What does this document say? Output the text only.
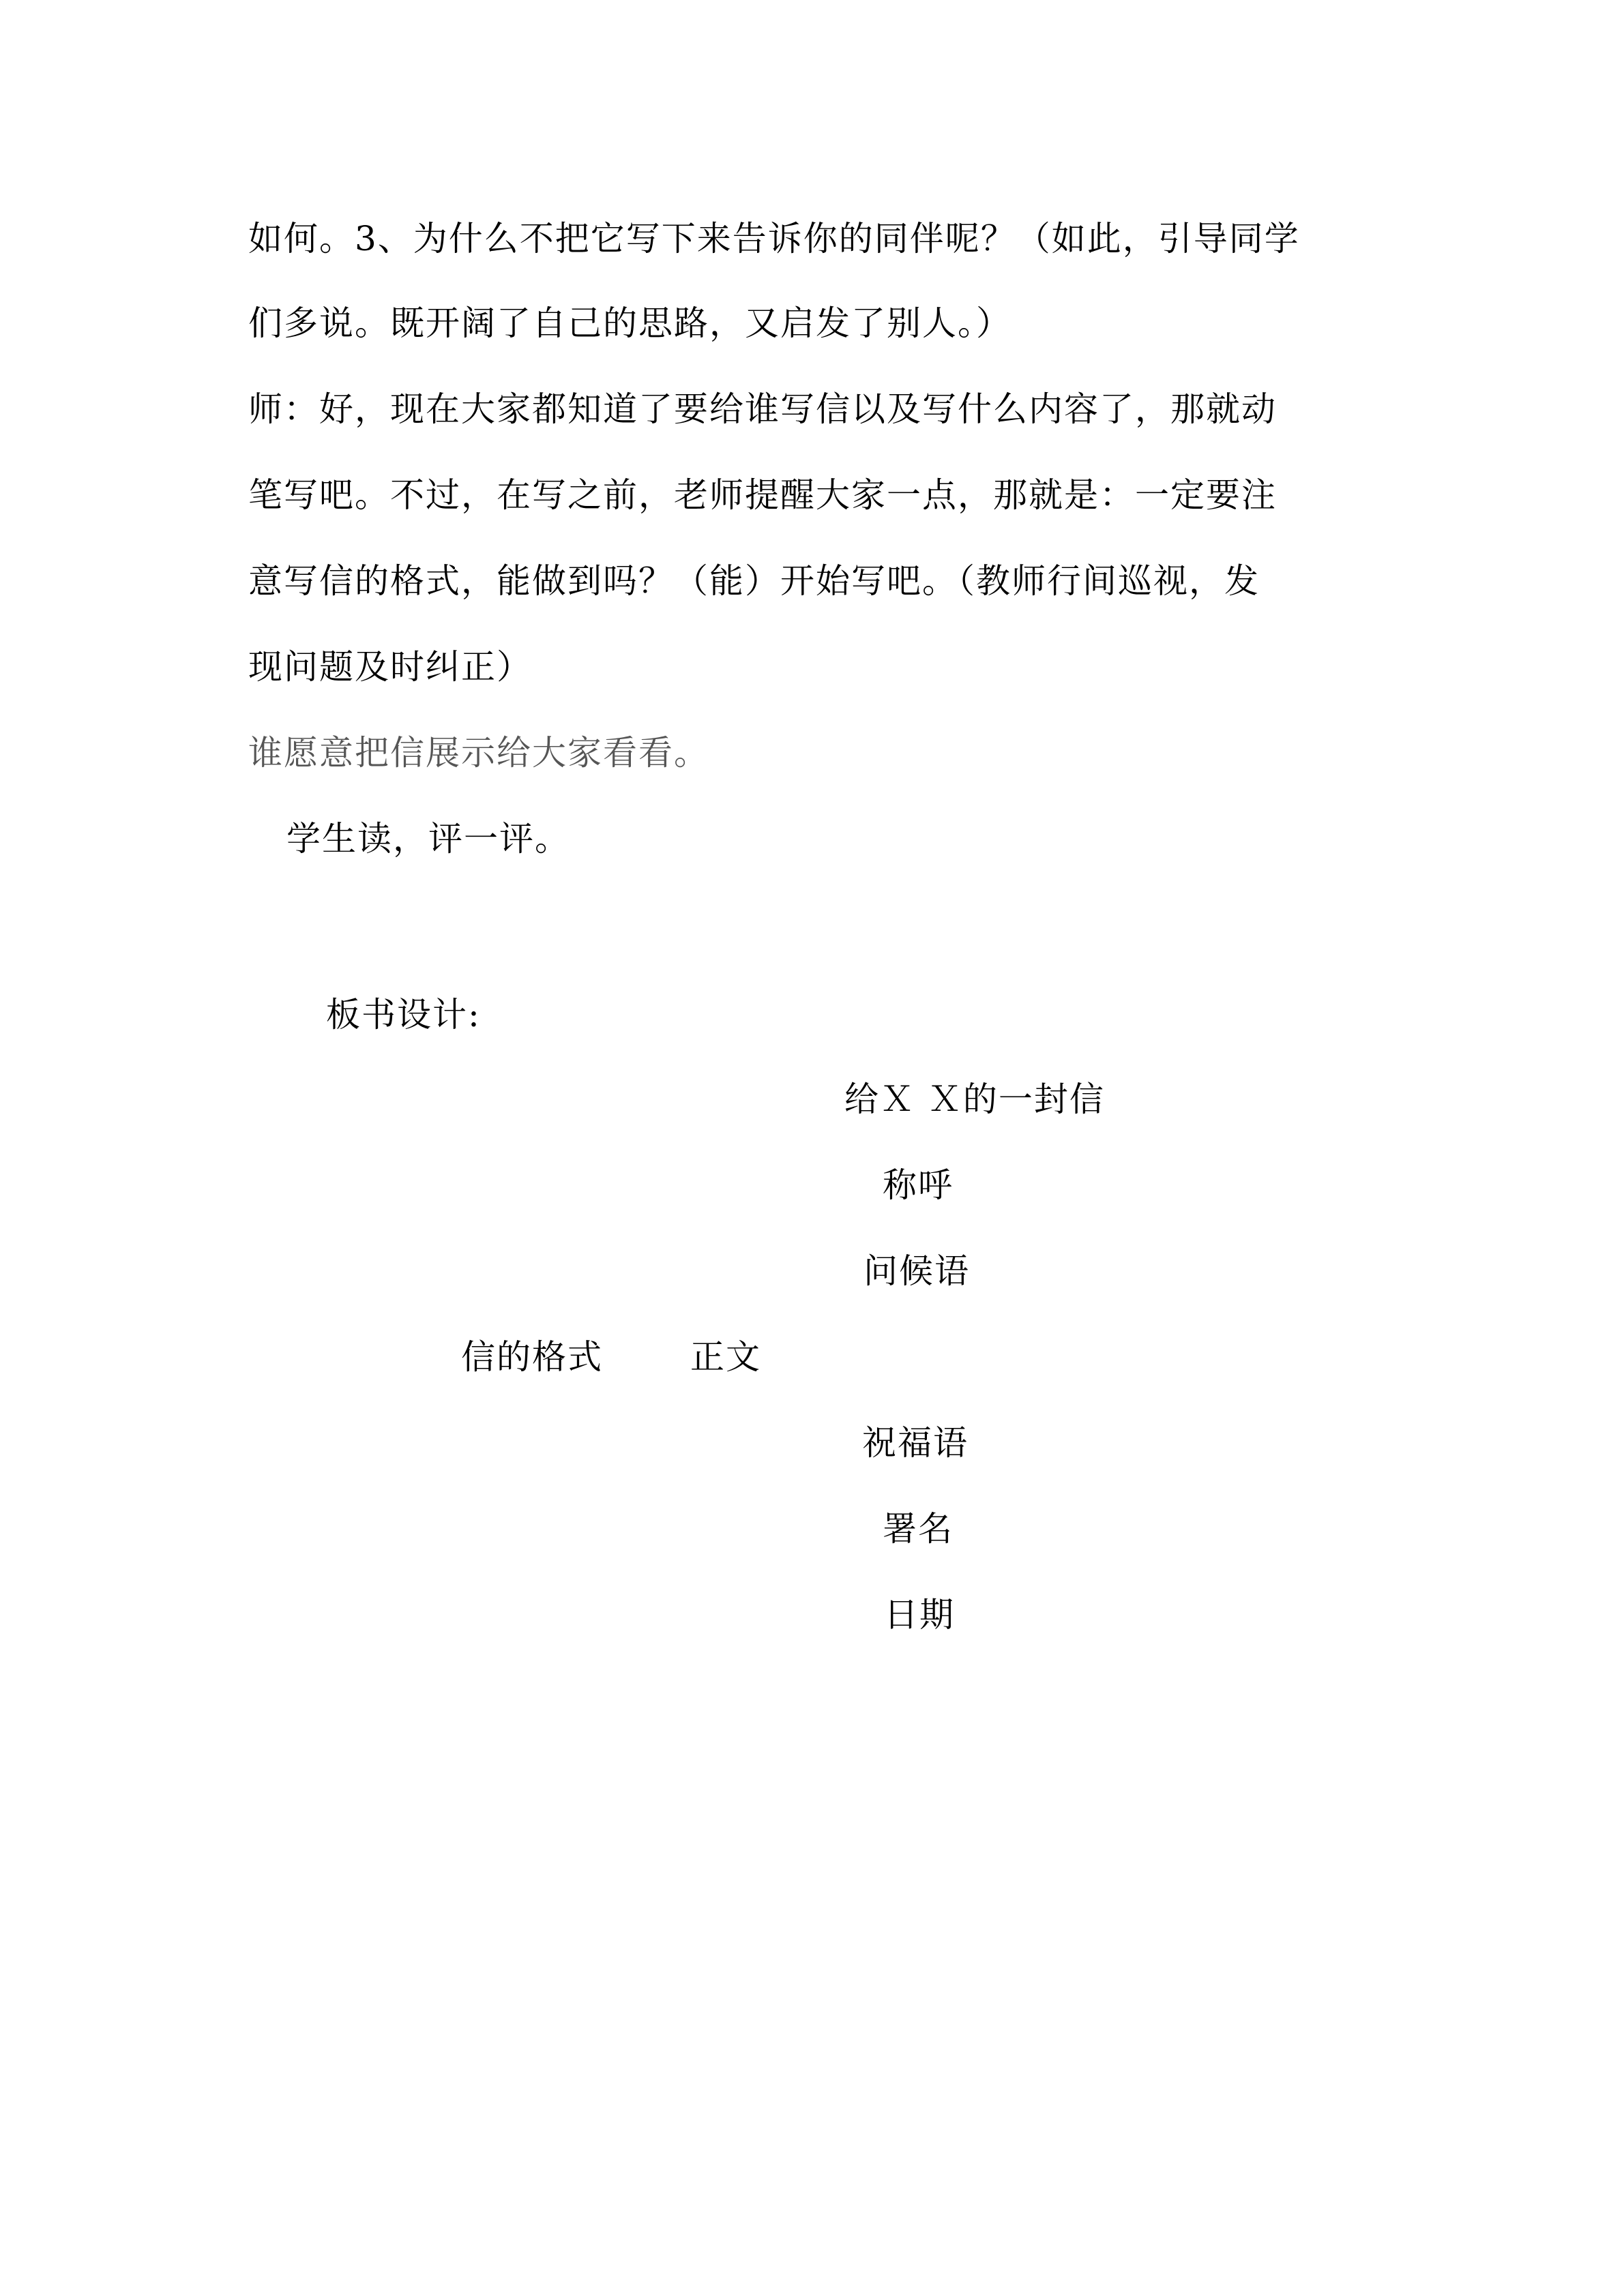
如何。3、为什么不把它写下来告诉你的同伴呢？（如此，引导同学
们多说。既开阔了自己的思路，又启发了别人。）
师：好，现在大家都知道了要给谁写信以及写什么内容了，那就动
笔写吧。不过，在写之前，老师提醒大家一点，那就是：一定要注
意写信的格式，能做到吗？（能）开始写吧。（教师行间巡视，发
现问题及时纠正）
谁愿意把信展示给大家看看。
学生读，评一评。
板书设计:
给Ｘ Ｘ的一封信
称呼
问候语
信的格式	正文
祝福语
署名
日期
